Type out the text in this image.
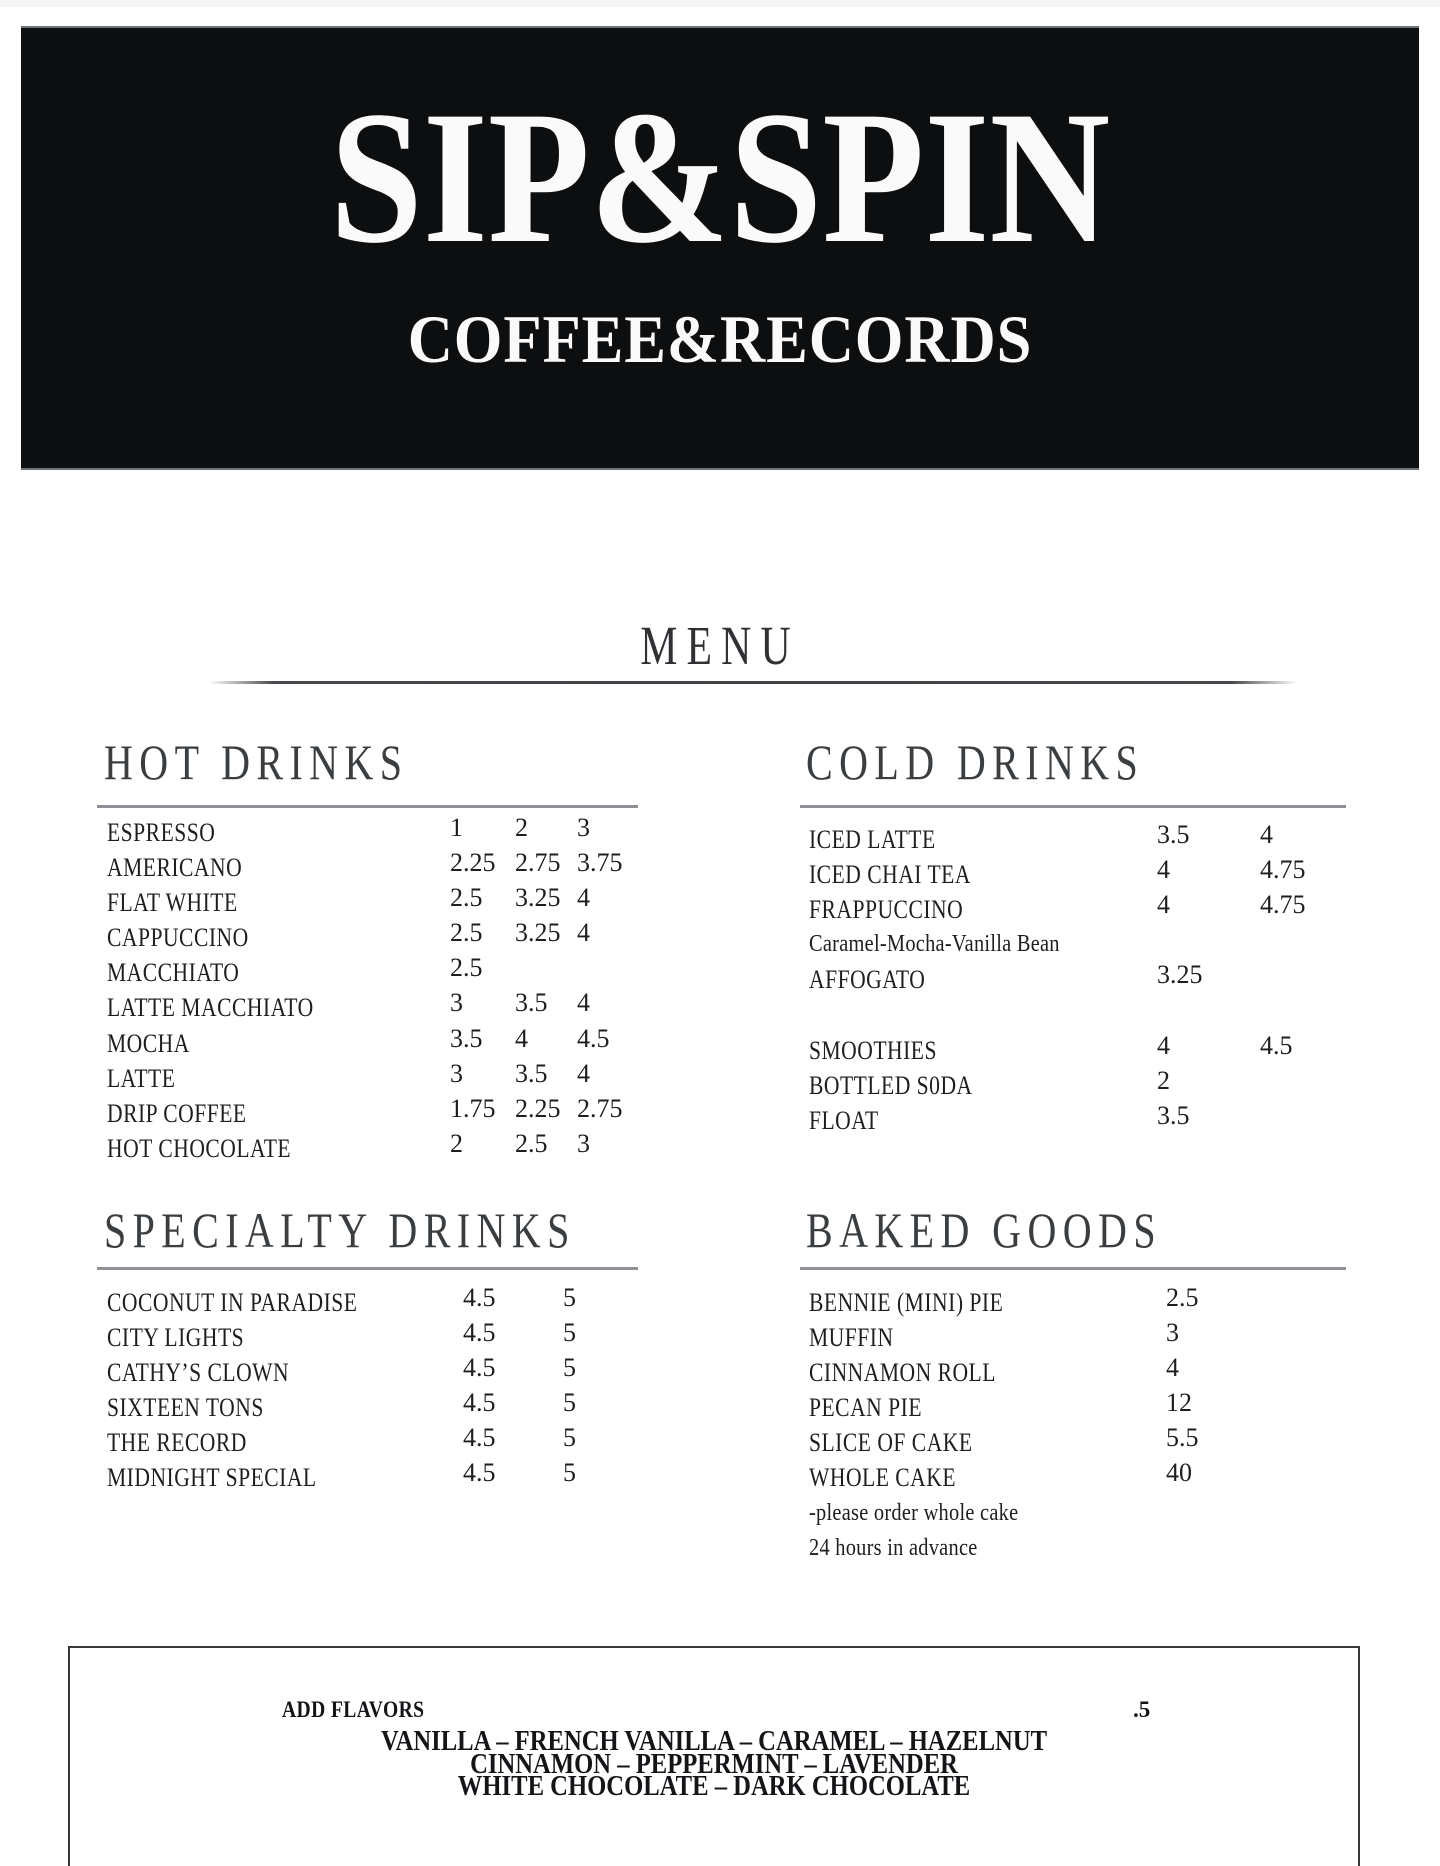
SIP&SPIN
COFFEE&RECORDS
MENU
HOT DRINKS
ESPRESSO	1 2 3
AMERICANO	2.25 2.75 3.75
FLAT WHITE	2.5 3.25 4
CAPPUCCINO	2.5 3.25 4
MACCHIATO	2.5
LATTE MACCHIATO	3 3.5 4
MOCHA	3.5 4 4.5
LATTE	3 3.5 4
DRIP COFFEE	1.75 2.25 2.75
HOT CHOCOLATE	2 2.5 3
COLD DRINKS
ICED LATTE	3.5	4
ICED CHAI TEA	4	4.75
FRAPPUCCINO	4	4.75
Caramel-Mocha-Vanilla Bean
AFFOGATO	3.25
SMOOTHIES	4	4.5
BOTTLED S0DA	2
FLOAT	3.5
SPECIALTY DRINKS
COCONUT IN PARADISE	4.5	5
CITY LIGHTS	4.5	5
CATHY’S CLOWN	4.5	5
SIXTEEN TONS	4.5	5
THE RECORD	4.5	5
MIDNIGHT SPECIAL	4.5	5
BAKED GOODS
BENNIE (MINI) PIE	2.5
MUFFIN	3
CINNAMON ROLL	4
PECAN PIE	12
SLICE OF CAKE	5.5
WHOLE CAKE	40
-please order whole cake
24 hours in advance
ADD FLAVORS	.5
VANILLA – FRENCH VANILLA – CARAMEL – HAZELNUT
CINNAMON – PEPPERMINT – LAVENDER
WHITE CHOCOLATE – DARK CHOCOLATE
